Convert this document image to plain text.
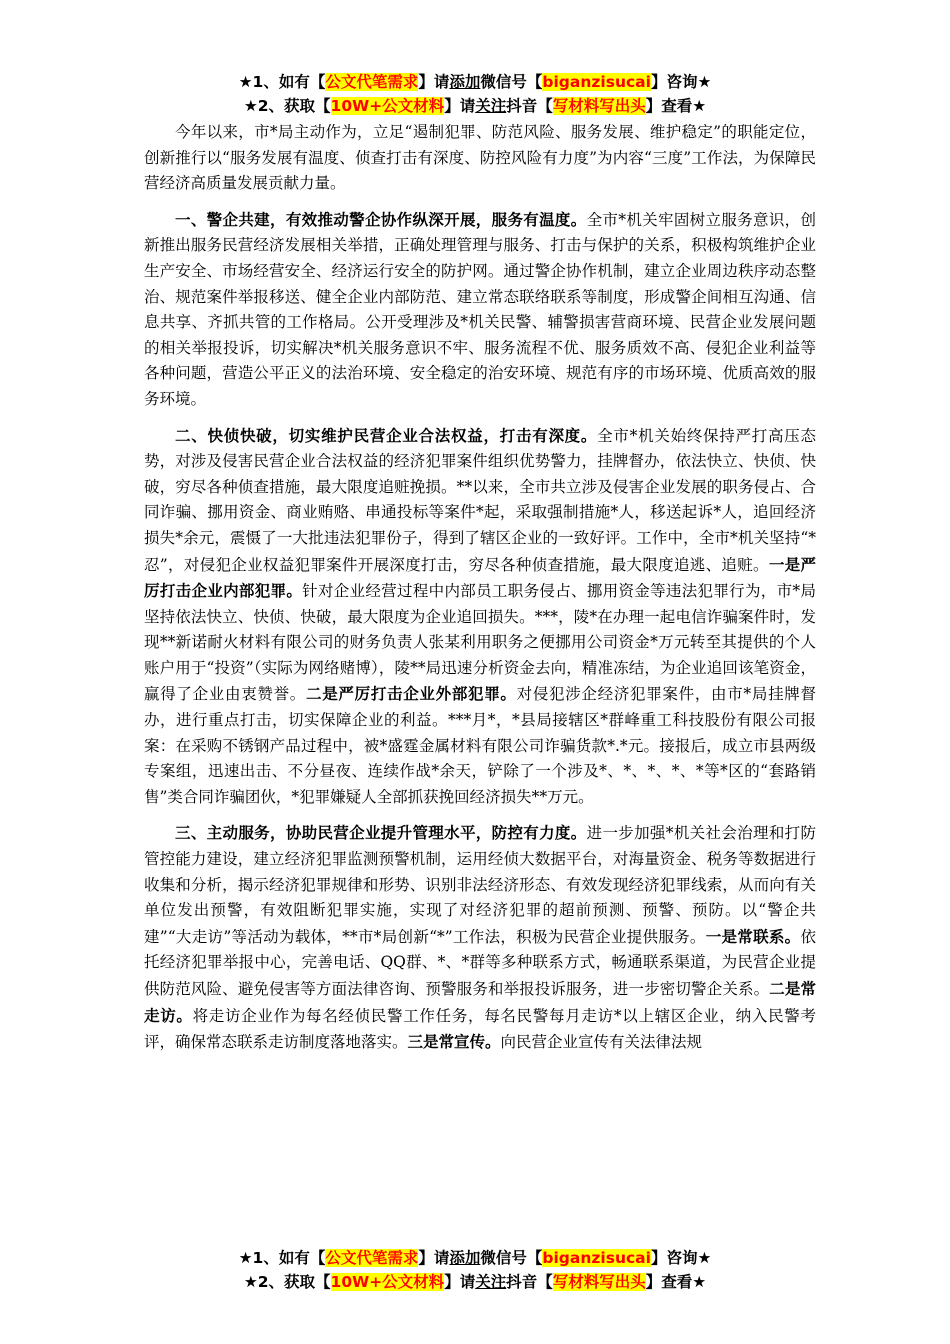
★1、如有【公文代笔需求】请添加微信号【biganzisucai】咨询★
★2、获取【10W+公文材料】请关注抖音【写材料写出头】查看★

今年以来，市*局主动作为，立足“遏制犯罪、防范风险、服务发展、维护稳定”的职能定位，创新推行以“服务发展有温度、侦查打击有深度、防控风险有力度”为内容“三度”工作法，为保障民营经济高质量发展贡献力量。

一、警企共建，有效推动警企协作纵深开展，服务有温度。全市*机关牢固树立服务意识，创新推出服务民营经济发展相关举措，正确处理管理与服务、打击与保护的关系，积极构筑维护企业生产安全、市场经营安全、经济运行安全的防护网。通过警企协作机制，建立企业周边秩序动态整治、规范案件举报移送、健全企业内部防范、建立常态联络联系等制度，形成警企间相互沟通、信息共享、齐抓共管的工作格局。公开受理涉及*机关民警、辅警损害营商环境、民营企业发展问题的相关举报投诉，切实解决*机关服务意识不牢、服务流程不优、服务质效不高、侵犯企业利益等各种问题，营造公平正义的法治环境、安全稳定的治安环境、规范有序的市场环境、优质高效的服务环境。

二、快侦快破，切实维护民营企业合法权益，打击有深度。全市*机关始终保持严打高压态势，对涉及侵害民营企业合法权益的经济犯罪案件组织优势警力，挂牌督办，依法快立、快侦、快破，穷尽各种侦查措施，最大限度追赃挽损。**以来，全市共立涉及侵害企业发展的职务侵占、合同诈骗、挪用资金、商业贿赂、串通投标等案件*起，采取强制措施*人，移送起诉*人，追回经济损失*余元，震慑了一大批违法犯罪份子，得到了辖区企业的一致好评。工作中，全市*机关坚持“*忍”，对侵犯企业权益犯罪案件开展深度打击，穷尽各种侦查措施，最大限度追逃、追赃。一是严厉打击企业内部犯罪。针对企业经营过程中内部员工职务侵占、挪用资金等违法犯罪行为，市*局坚持依法快立、快侦、快破，最大限度为企业追回损失。***，陵*在办理一起电信诈骗案件时，发现**新诺耐火材料有限公司的财务负责人张某利用职务之便挪用公司资金*万元转至其提供的个人账户用于“投资”（实际为网络赌博），陵**局迅速分析资金去向，精准冻结，为企业追回该笔资金，赢得了企业由衷赞誉。二是严厉打击企业外部犯罪。对侵犯涉企经济犯罪案件，由市*局挂牌督办，进行重点打击，切实保障企业的利益。***月*，*县局接辖区*群峰重工科技股份有限公司报案：在采购不锈钢产品过程中，被*盛霆金属材料有限公司诈骗货款*.*元。接报后，成立市县两级专案组，迅速出击、不分昼夜、连续作战*余天，铲除了一个涉及*、*、*、*、*等*区的“套路销售”类合同诈骗团伙，*犯罪嫌疑人全部抓获挽回经济损失**万元。

三、主动服务，协助民营企业提升管理水平，防控有力度。进一步加强*机关社会治理和打防管控能力建设，建立经济犯罪监测预警机制，运用经侦大数据平台，对海量资金、税务等数据进行收集和分析，揭示经济犯罪规律和形势、识别非法经济形态、有效发现经济犯罪线索，从而向有关单位发出预警，有效阻断犯罪实施，实现了对经济犯罪的超前预测、预警、预防。以“警企共建”“大走访”等活动为载体，**市*局创新“*”工作法，积极为民营企业提供服务。一是常联系。依托经济犯罪举报中心，完善电话、QQ群、*、*群等多种联系方式，畅通联系渠道，为民营企业提供防范风险、避免侵害等方面法律咨询、预警服务和举报投诉服务，进一步密切警企关系。二是常走访。将走访企业作为每名经侦民警工作任务，每名民警每月走访*以上辖区企业，纳入民警考评，确保常态联系走访制度落地落实。三是常宣传。向民营企业宣传有关法律法规

★1、如有【公文代笔需求】请添加微信号【biganzisucai】咨询★
★2、获取【10W+公文材料】请关注抖音【写材料写出头】查看★
